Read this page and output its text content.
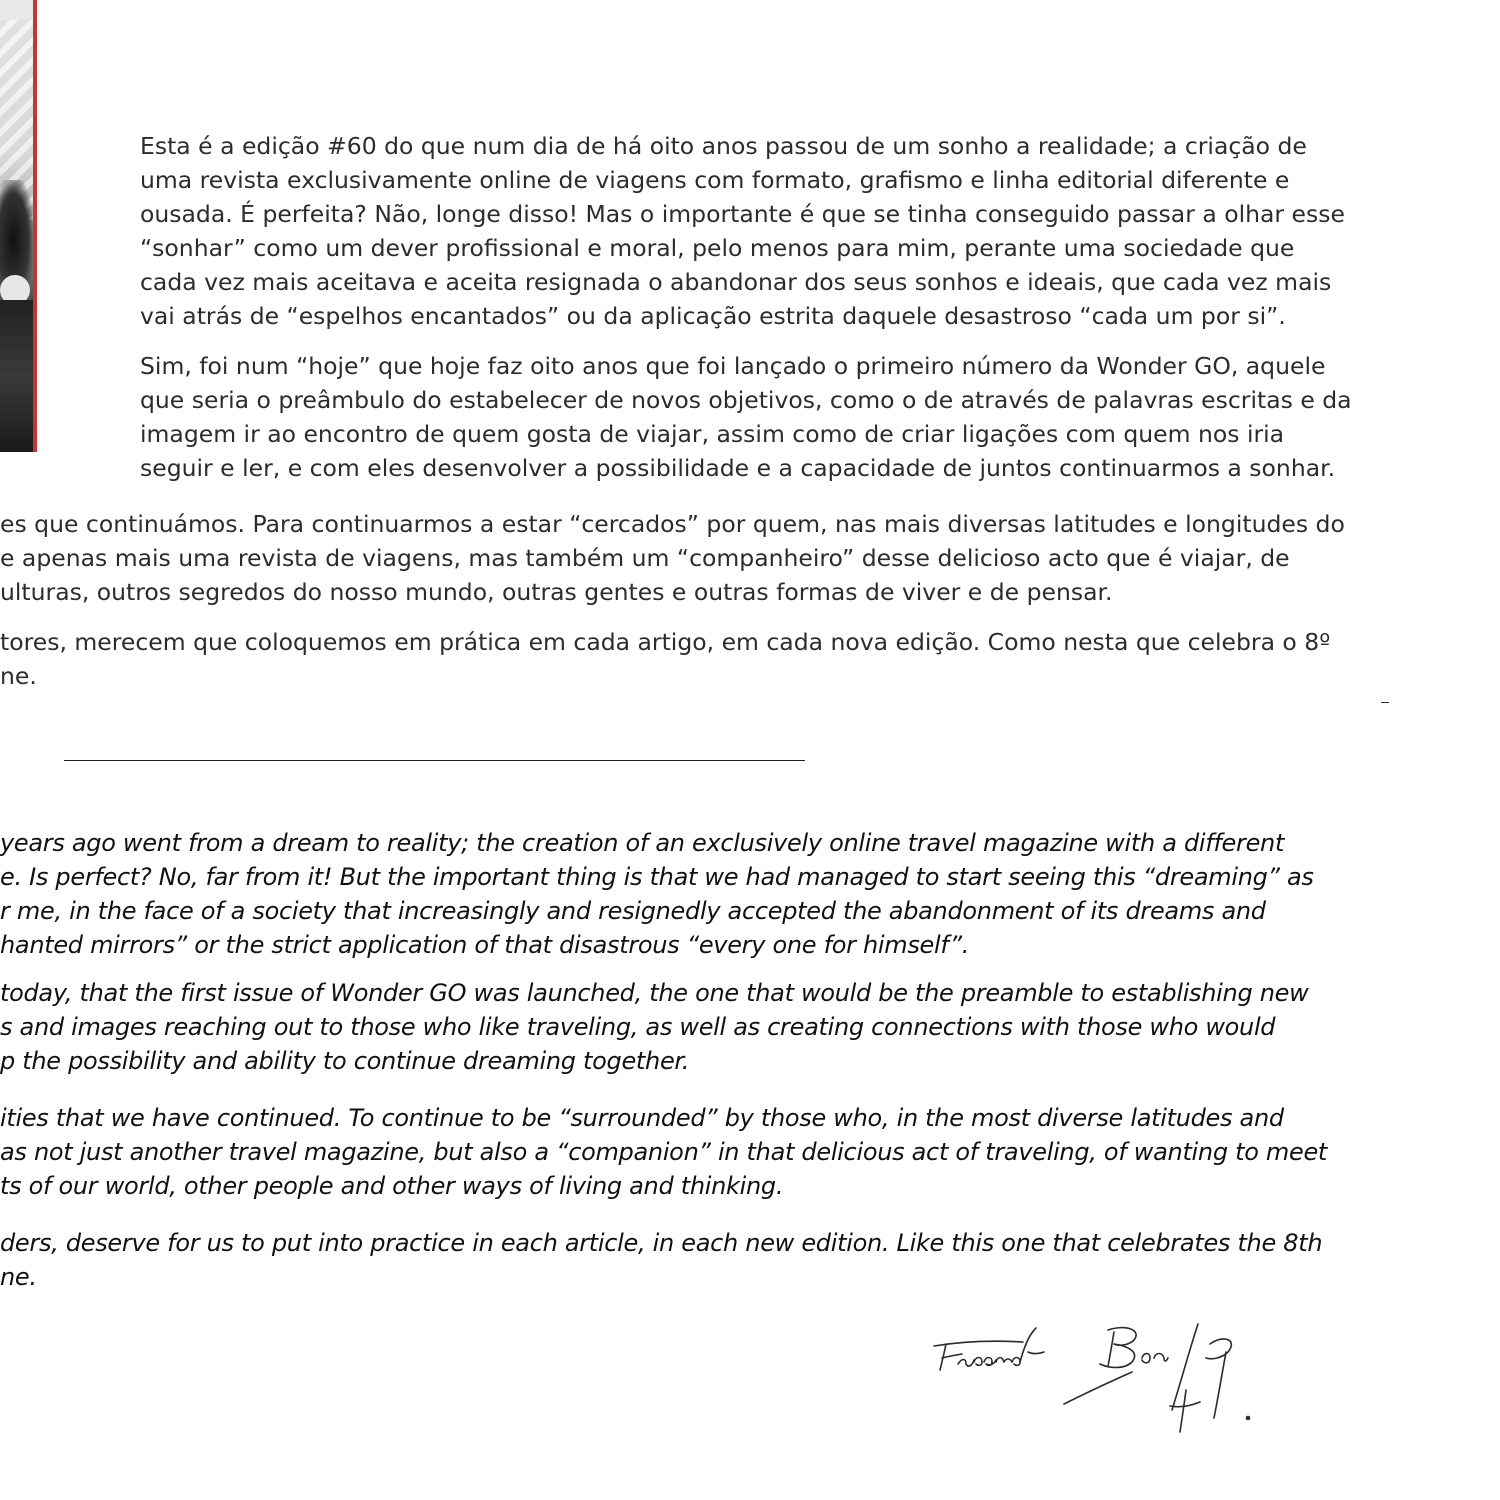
Esta é a edição #60 do que num dia de há oito anos passou de um sonho a realidade; a criação de
uma revista exclusivamente online de viagens com formato, grafismo e linha editorial diferente e
ousada. É perfeita? Não, longe disso! Mas o importante é que se tinha conseguido passar a olhar esse
“sonhar” como um dever profissional e moral, pelo menos para mim, perante uma sociedade que
cada vez mais aceitava e aceita resignada o abandonar dos seus sonhos e ideais, que cada vez mais
vai atrás de “espelhos encantados” ou da aplicação estrita daquele desastroso “cada um por si”.
Sim, foi num “hoje” que hoje faz oito anos que foi lançado o primeiro número da Wonder GO, aquele
que seria o preâmbulo do estabelecer de novos objetivos, como o de através de palavras escritas e da
imagem ir ao encontro de quem gosta de viajar, assim como de criar ligações com quem nos iria
seguir e ler, e com eles desenvolver a possibilidade e a capacidade de juntos continuarmos a sonhar.
es que continuámos. Para continuarmos a estar “cercados” por quem, nas mais diversas latitudes e longitudes do
e apenas mais uma revista de viagens, mas também um “companheiro” desse delicioso acto que é viajar, de
ulturas, outros segredos do nosso mundo, outras gentes e outras formas de viver e de pensar.
tores, merecem que coloquemos em prática em cada artigo, em cada nova edição. Como nesta que celebra o 8º
ne.
years ago went from a dream to reality; the creation of an exclusively online travel magazine with a different
e. Is perfect? No, far from it! But the important thing is that we had managed to start seeing this “dreaming” as
r me, in the face of a society that increasingly and resignedly accepted the abandonment of its dreams and
hanted mirrors” or the strict application of that disastrous “every one for himself”.
today, that the first issue of Wonder GO was launched, the one that would be the preamble to establishing new
s and images reaching out to those who like traveling, as well as creating connections with those who would
p the possibility and ability to continue dreaming together.
ities that we have continued. To continue to be “surrounded” by those who, in the most diverse latitudes and
as not just another travel magazine, but also a “companion” in that delicious act of traveling, of wanting to meet
ts of our world, other people and other ways of living and thinking.
ders, deserve for us to put into practice in each article, in each new edition. Like this one that celebrates the 8th
ne.
